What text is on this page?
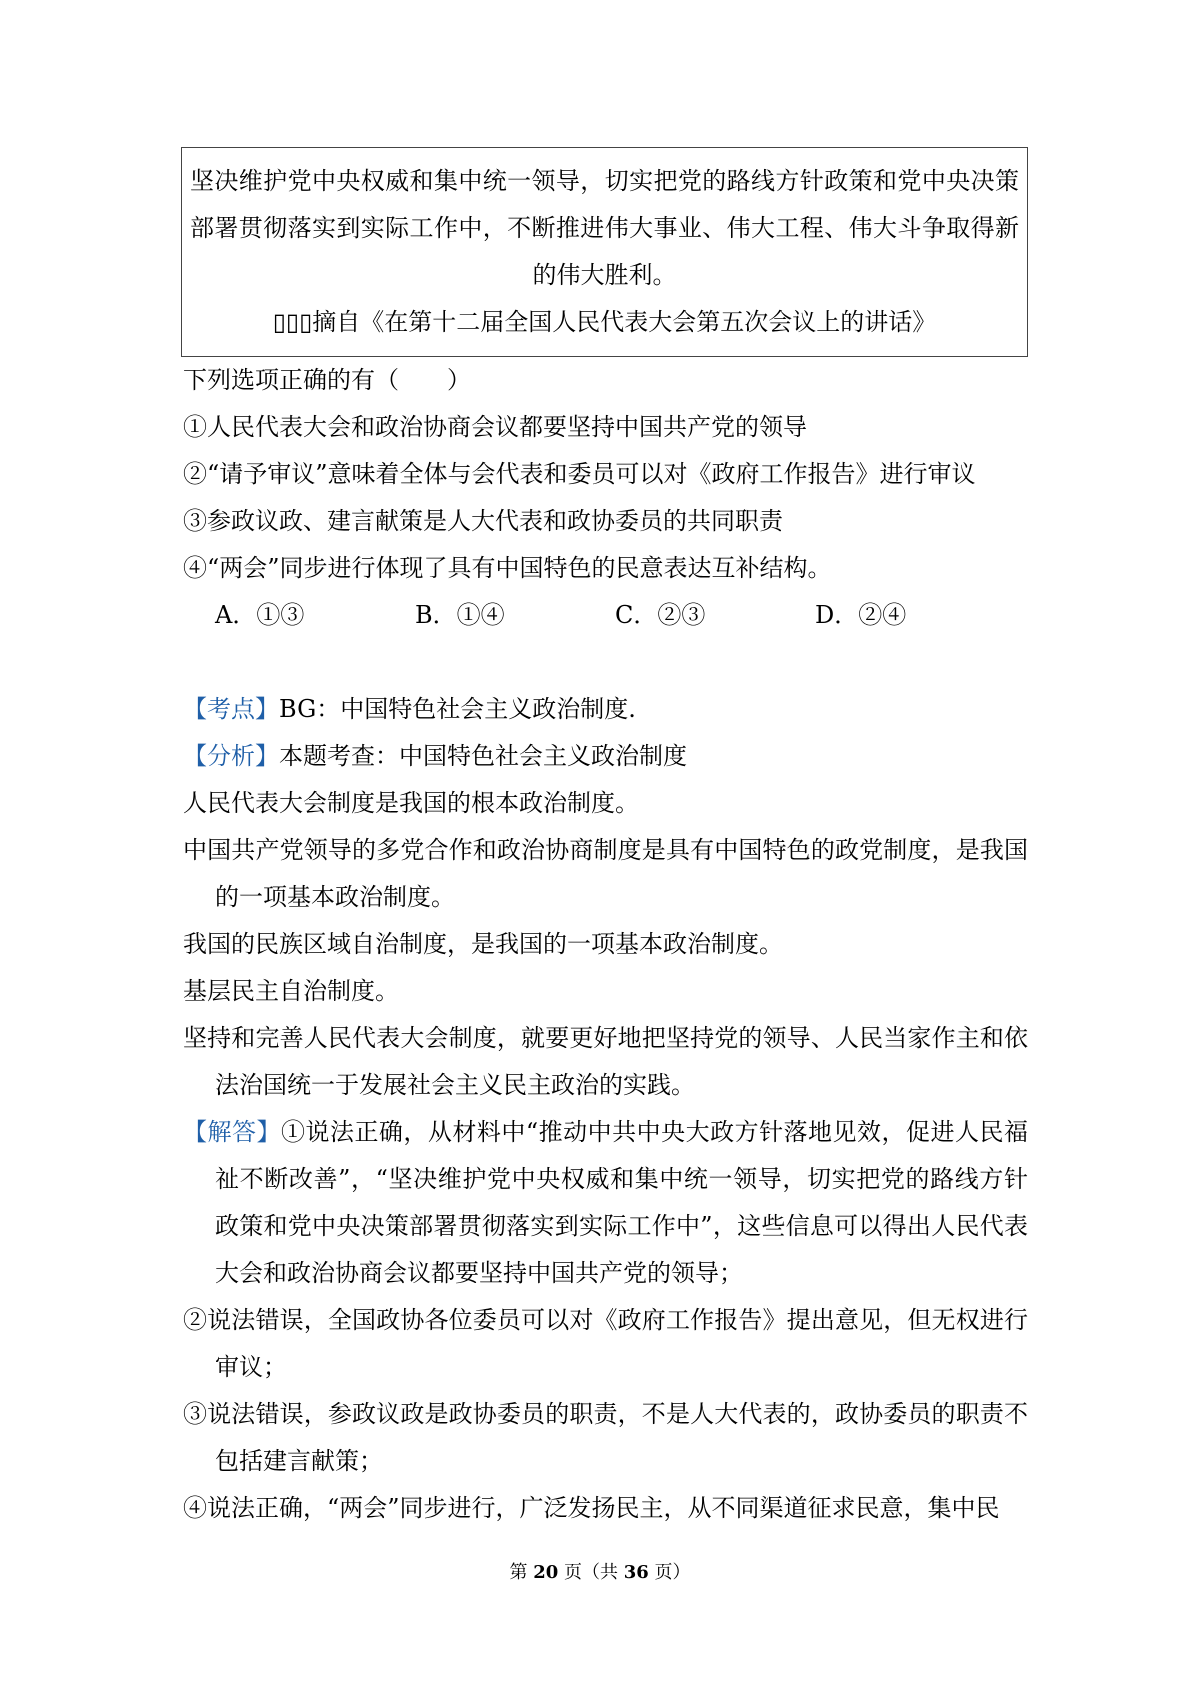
坚决维护党中央权威和集中统一领导，切实把党的路线方针政策和党中央决策部署贯彻落实到实际工作中，不断推进伟大事业、伟大工程、伟大斗争取得新的伟大胜利。
▯▯▯摘自《在第十二届全国人民代表大会第五次会议上的讲话》
下列选项正确的有（　　）
①人民代表大会和政治协商会议都要坚持中国共产党的领导
②“请予审议”意味着全体与会代表和委员可以对《政府工作报告》进行审议
③参政议政、建言献策是人大代表和政协委员的共同职责
④“两会”同步进行体现了具有中国特色的民意表达互补结构。
A．①③	B．①④	C．②③	D．②④
【考点】BG：中国特色社会主义政治制度.
【分析】本题考查：中国特色社会主义政治制度
人民代表大会制度是我国的根本政治制度。
中国共产党领导的多党合作和政治协商制度是具有中国特色的政党制度，是我国的一项基本政治制度。
我国的民族区域自治制度，是我国的一项基本政治制度。
基层民主自治制度。
坚持和完善人民代表大会制度，就要更好地把坚持党的领导、人民当家作主和依法治国统一于发展社会主义民主政治的实践。
【解答】①说法正确，从材料中“推动中共中央大政方针落地见效，促进人民福祉不断改善”，“坚决维护党中央权威和集中统一领导，切实把党的路线方针政策和党中央决策部署贯彻落实到实际工作中”，这些信息可以得出人民代表大会和政治协商会议都要坚持中国共产党的领导；
②说法错误，全国政协各位委员可以对《政府工作报告》提出意见，但无权进行审议；
③说法错误，参政议政是政协委员的职责，不是人大代表的，政协委员的职责不包括建言献策；
④说法正确，“两会”同步进行，广泛发扬民主，从不同渠道征求民意，集中民
第 20 页（共 36 页）
